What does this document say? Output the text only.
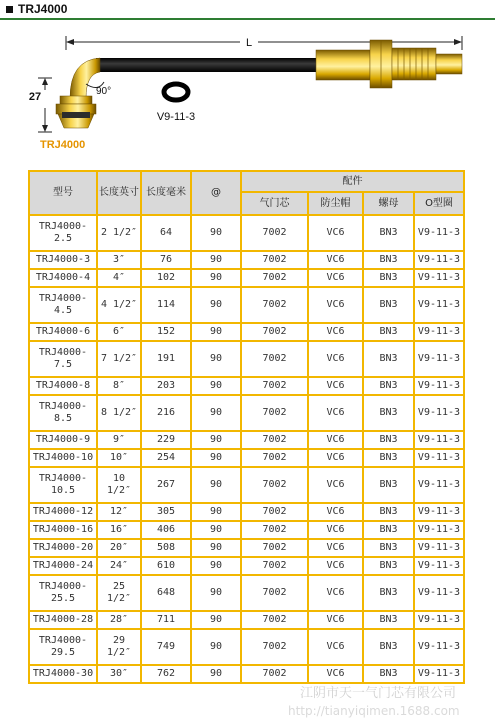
TRJ4000
L
27	90°
TRJ4000
V9-11-3
型号	长度英寸	长度毫米	@	配件			
				气门芯	防尘帽	螺母	O型圈
TRJ4000-2.5	2 1/2″	64	90	7002	VC6	BN3	V9-11-3
TRJ4000-3	3″	76	90	7002	VC6	BN3	V9-11-3
TRJ4000-4	4″	102	90	7002	VC6	BN3	V9-11-3
TRJ4000-4.5	4 1/2″	114	90	7002	VC6	BN3	V9-11-3
TRJ4000-6	6″	152	90	7002	VC6	BN3	V9-11-3
TRJ4000-7.5	7 1/2″	191	90	7002	VC6	BN3	V9-11-3
TRJ4000-8	8″	203	90	7002	VC6	BN3	V9-11-3
TRJ4000-8.5	8 1/2″	216	90	7002	VC6	BN3	V9-11-3
TRJ4000-9	9″	229	90	7002	VC6	BN3	V9-11-3
TRJ4000-10	10″	254	90	7002	VC6	BN3	V9-11-3
TRJ4000-10.5	10 1/2″	267	90	7002	VC6	BN3	V9-11-3
TRJ4000-12	12″	305	90	7002	VC6	BN3	V9-11-3
TRJ4000-16	16″	406	90	7002	VC6	BN3	V9-11-3
TRJ4000-20	20″	508	90	7002	VC6	BN3	V9-11-3
TRJ4000-24	24″	610	90	7002	VC6	BN3	V9-11-3
TRJ4000-25.5	25 1/2″	648	90	7002	VC6	BN3	V9-11-3
TRJ4000-28	28″	711	90	7002	VC6	BN3	V9-11-3
TRJ4000-29.5	29 1/2″	749	90	7002	VC6	BN3	V9-11-3
TRJ4000-30	30″	762	90	7002	VC6	BN3	V9-11-3
江阴市天一气门芯有限公司
http://tianyiqimen.1688.com
